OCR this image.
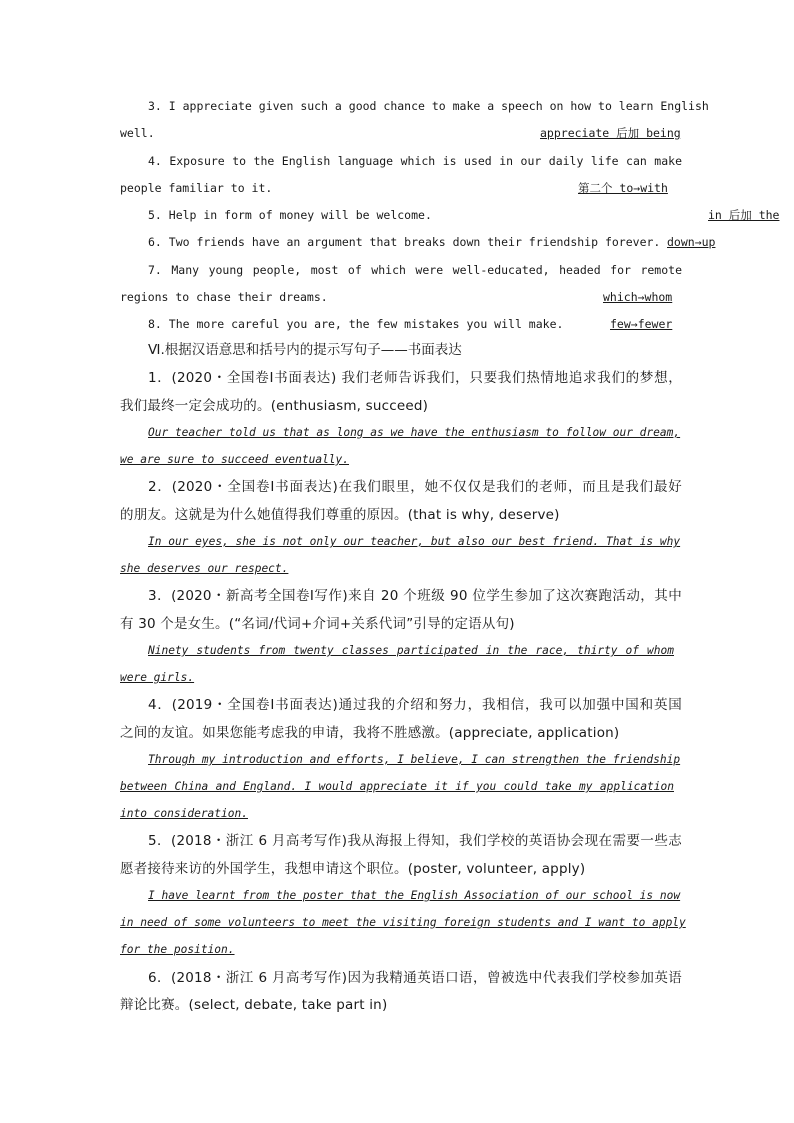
3. I appreciate given such a good chance to make a speech on how to learn English
well.	appreciate 后加 being
4. Exposure to the English language which is used in our daily life can make
people familiar to it.	第二个 to→with
5. Help in form of money will be welcome.	in 后加 the
6. Two friends have an argument that breaks down their friendship forever. down→up
7. Many young people, most of which were well-educated, headed for remote
regions to chase their dreams.	which→whom
8. The more careful you are, the few mistakes you will make.	few→fewer
Ⅵ.根据汉语意思和括号内的提示写句子——书面表达
1．(2020・全国卷Ⅰ书面表达) 我们老师告诉我们，只要我们热情地追求我们的梦想，
我们最终一定会成功的。(enthusiasm, succeed)
Our teacher told us that as long as we have the enthusiasm to follow our dream,
we are sure to succeed eventually.
2．(2020・全国卷Ⅰ书面表达)在我们眼里，她不仅仅是我们的老师，而且是我们最好
的朋友。这就是为什么她值得我们尊重的原因。(that is why, deserve)
In our eyes, she is not only our teacher, but also our best friend. That is why
she deserves our respect.
3．(2020・新高考全国卷Ⅰ写作)来自 20 个班级 90 位学生参加了这次赛跑活动，其中
有 30 个是女生。(“名词/代词+介词+关系代词”引导的定语从句)
Ninety students from twenty classes participated in the race, thirty of whom
were girls.
4．(2019・全国卷Ⅰ书面表达)通过我的介绍和努力，我相信，我可以加强中国和英国
之间的友谊。如果您能考虑我的申请，我将不胜感激。(appreciate, application)
Through my introduction and efforts, I believe, I can strengthen the friendship
between China and England. I would appreciate it if you could take my application
into consideration.
5．(2018・浙江 6 月高考写作)我从海报上得知，我们学校的英语协会现在需要一些志
愿者接待来访的外国学生，我想申请这个职位。(poster, volunteer, apply)
I have learnt from the poster that the English Association of our school is now
in need of some volunteers to meet the visiting foreign students and I want to apply
for the position.
6．(2018・浙江 6 月高考写作)因为我精通英语口语，曾被选中代表我们学校参加英语
辩论比赛。(select, debate, take part in)
